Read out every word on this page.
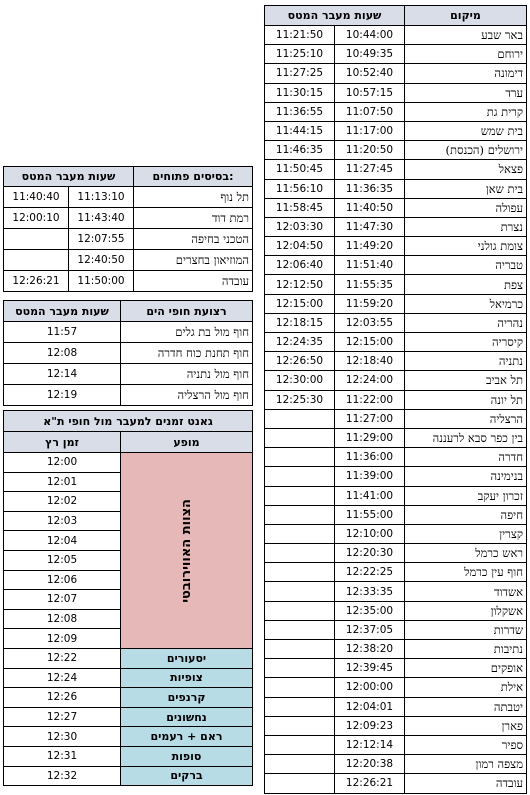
שעות מעבר המטס		מיקום
11:21:50	10:44:00	באר שבע
11:25:10	10:49:35	ירוחם
11:27:25	10:52:40	דימונה
11:30:15	10:57:15	ערד
11:36:55	11:07:50	קרית גת
11:44:15	11:17:00	בית שמש
11:46:35	11:20:50	ירושלים (הכנסת)
11:50:45	11:27:45	פצאל
11:56:10	11:36:35	בית שאן
11:58:45	11:40:50	עפולה
12:03:30	11:47:30	נצרת
12:04:50	11:49:20	צומת גולני
12:06:40	11:51:40	טבריה
12:12:50	11:55:35	צפת
12:15:00	11:59:20	כרמיאל
12:18:15	12:03:55	נהריה
12:24:35	12:15:00	קיסריה
12:26:50	12:18:40	נתניה
12:30:00	12:24:00	תל אביב
12:25:30	11:22:00	תל יונה
	11:27:00	הרצליה
	11:29:00	בין כפר סבא לרעננה
	11:36:00	חדרה
	11:39:00	בנימינה
	11:41:00	זכרון יעקב
	11:55:00	חיפה
	12:10:00	קצרין
	12:20:30	ראש כרמל
	12:22:25	חוף עין כרמל
	12:33:35	אשדוד
	12:35:00	אשקלון
	12:37:05	שדרות
	12:38:20	נתיבות
	12:39:45	אופקים
	12:00:00	אילת
	12:04:01	יטבתה
	12:09:23	פארן
	12:12:14	ספיר
	12:20:38	מצפה רמון
	12:26:21	עובדה
שעות מעבר המטס		בסיסים פתוחים:
11:40:40	11:13:10	תל נוף
12:00:10	11:43:40	רמת דוד
	12:07:55	הטכני בחיפה
	12:40:50	המוזיאון בחצרים
12:26:21	11:50:00	עובדה
שעות מעבר המטס	רצועת חופי הים
11:57	חוף מול בת גלים
12:08	חוף תחנת כוח חדרה
12:14	חוף מול נתניה
12:19	חוף מול הרצליה
גאנט זמנים למעבר מול חופי ת"א	
זמן רץ	מופע
12:00	הצוות האווירובטי

12:01	
12:02	
12:03	
12:04	
12:05	
12:06	
12:07	
12:08	
12:09	
12:22	יסעורים
12:24	צופיות
12:26	קרנפים
12:27	נחשונים
12:30	ראם + רעמים
12:31	סופות
12:32	ברקים
